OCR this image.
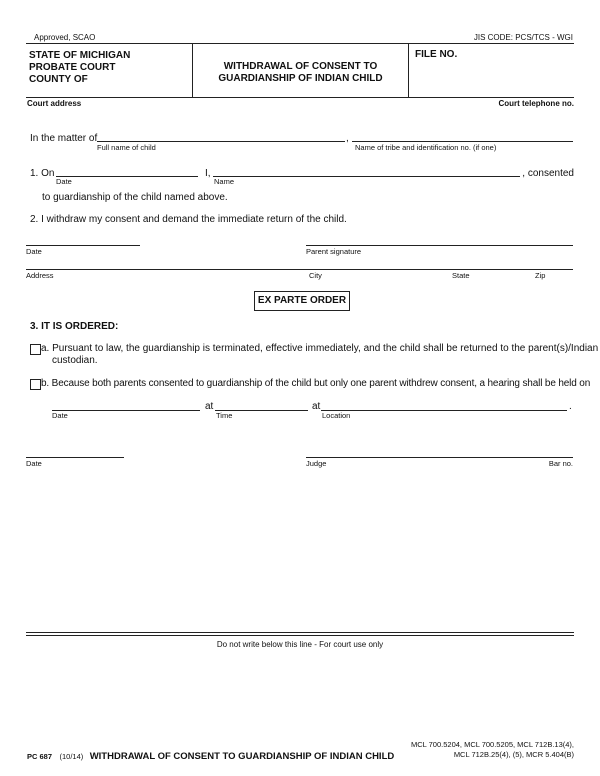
Approved, SCAO	JIS CODE: PCS/TCS - WGI
STATE OF MICHIGAN
PROBATE COURT
COUNTY OF
WITHDRAWAL OF CONSENT TO
GUARDIANSHIP OF INDIAN CHILD
FILE NO.
Court address	Court telephone no.
In the matter of	,
Full name of child	Name of tribe and identification no. (if one)
1. On	I,	, consented
Date	Name
to guardianship of the child named above.
2. I withdraw my consent and demand the immediate return of the child.
Date	Parent signature
Address	City	State	Zip
EX PARTE ORDER
3. IT IS ORDERED:
a. Pursuant to law, the guardianship is terminated, effective immediately, and the child shall be returned to the parent(s)/Indian
custodian.
b. Because both parents consented to guardianship of the child but only one parent withdrew consent, a hearing shall be held on
at	at	.
Date	Time	Location
Date	Judge	Bar no.
Do not write below this line - For court use only
PC 687 (10/14) WITHDRAWAL OF CONSENT TO GUARDIANSHIP OF INDIAN CHILD
MCL 700.5204, MCL 700.5205, MCL 712B.13(4),
MCL 712B.25(4), (5), MCR 5.404(B)
